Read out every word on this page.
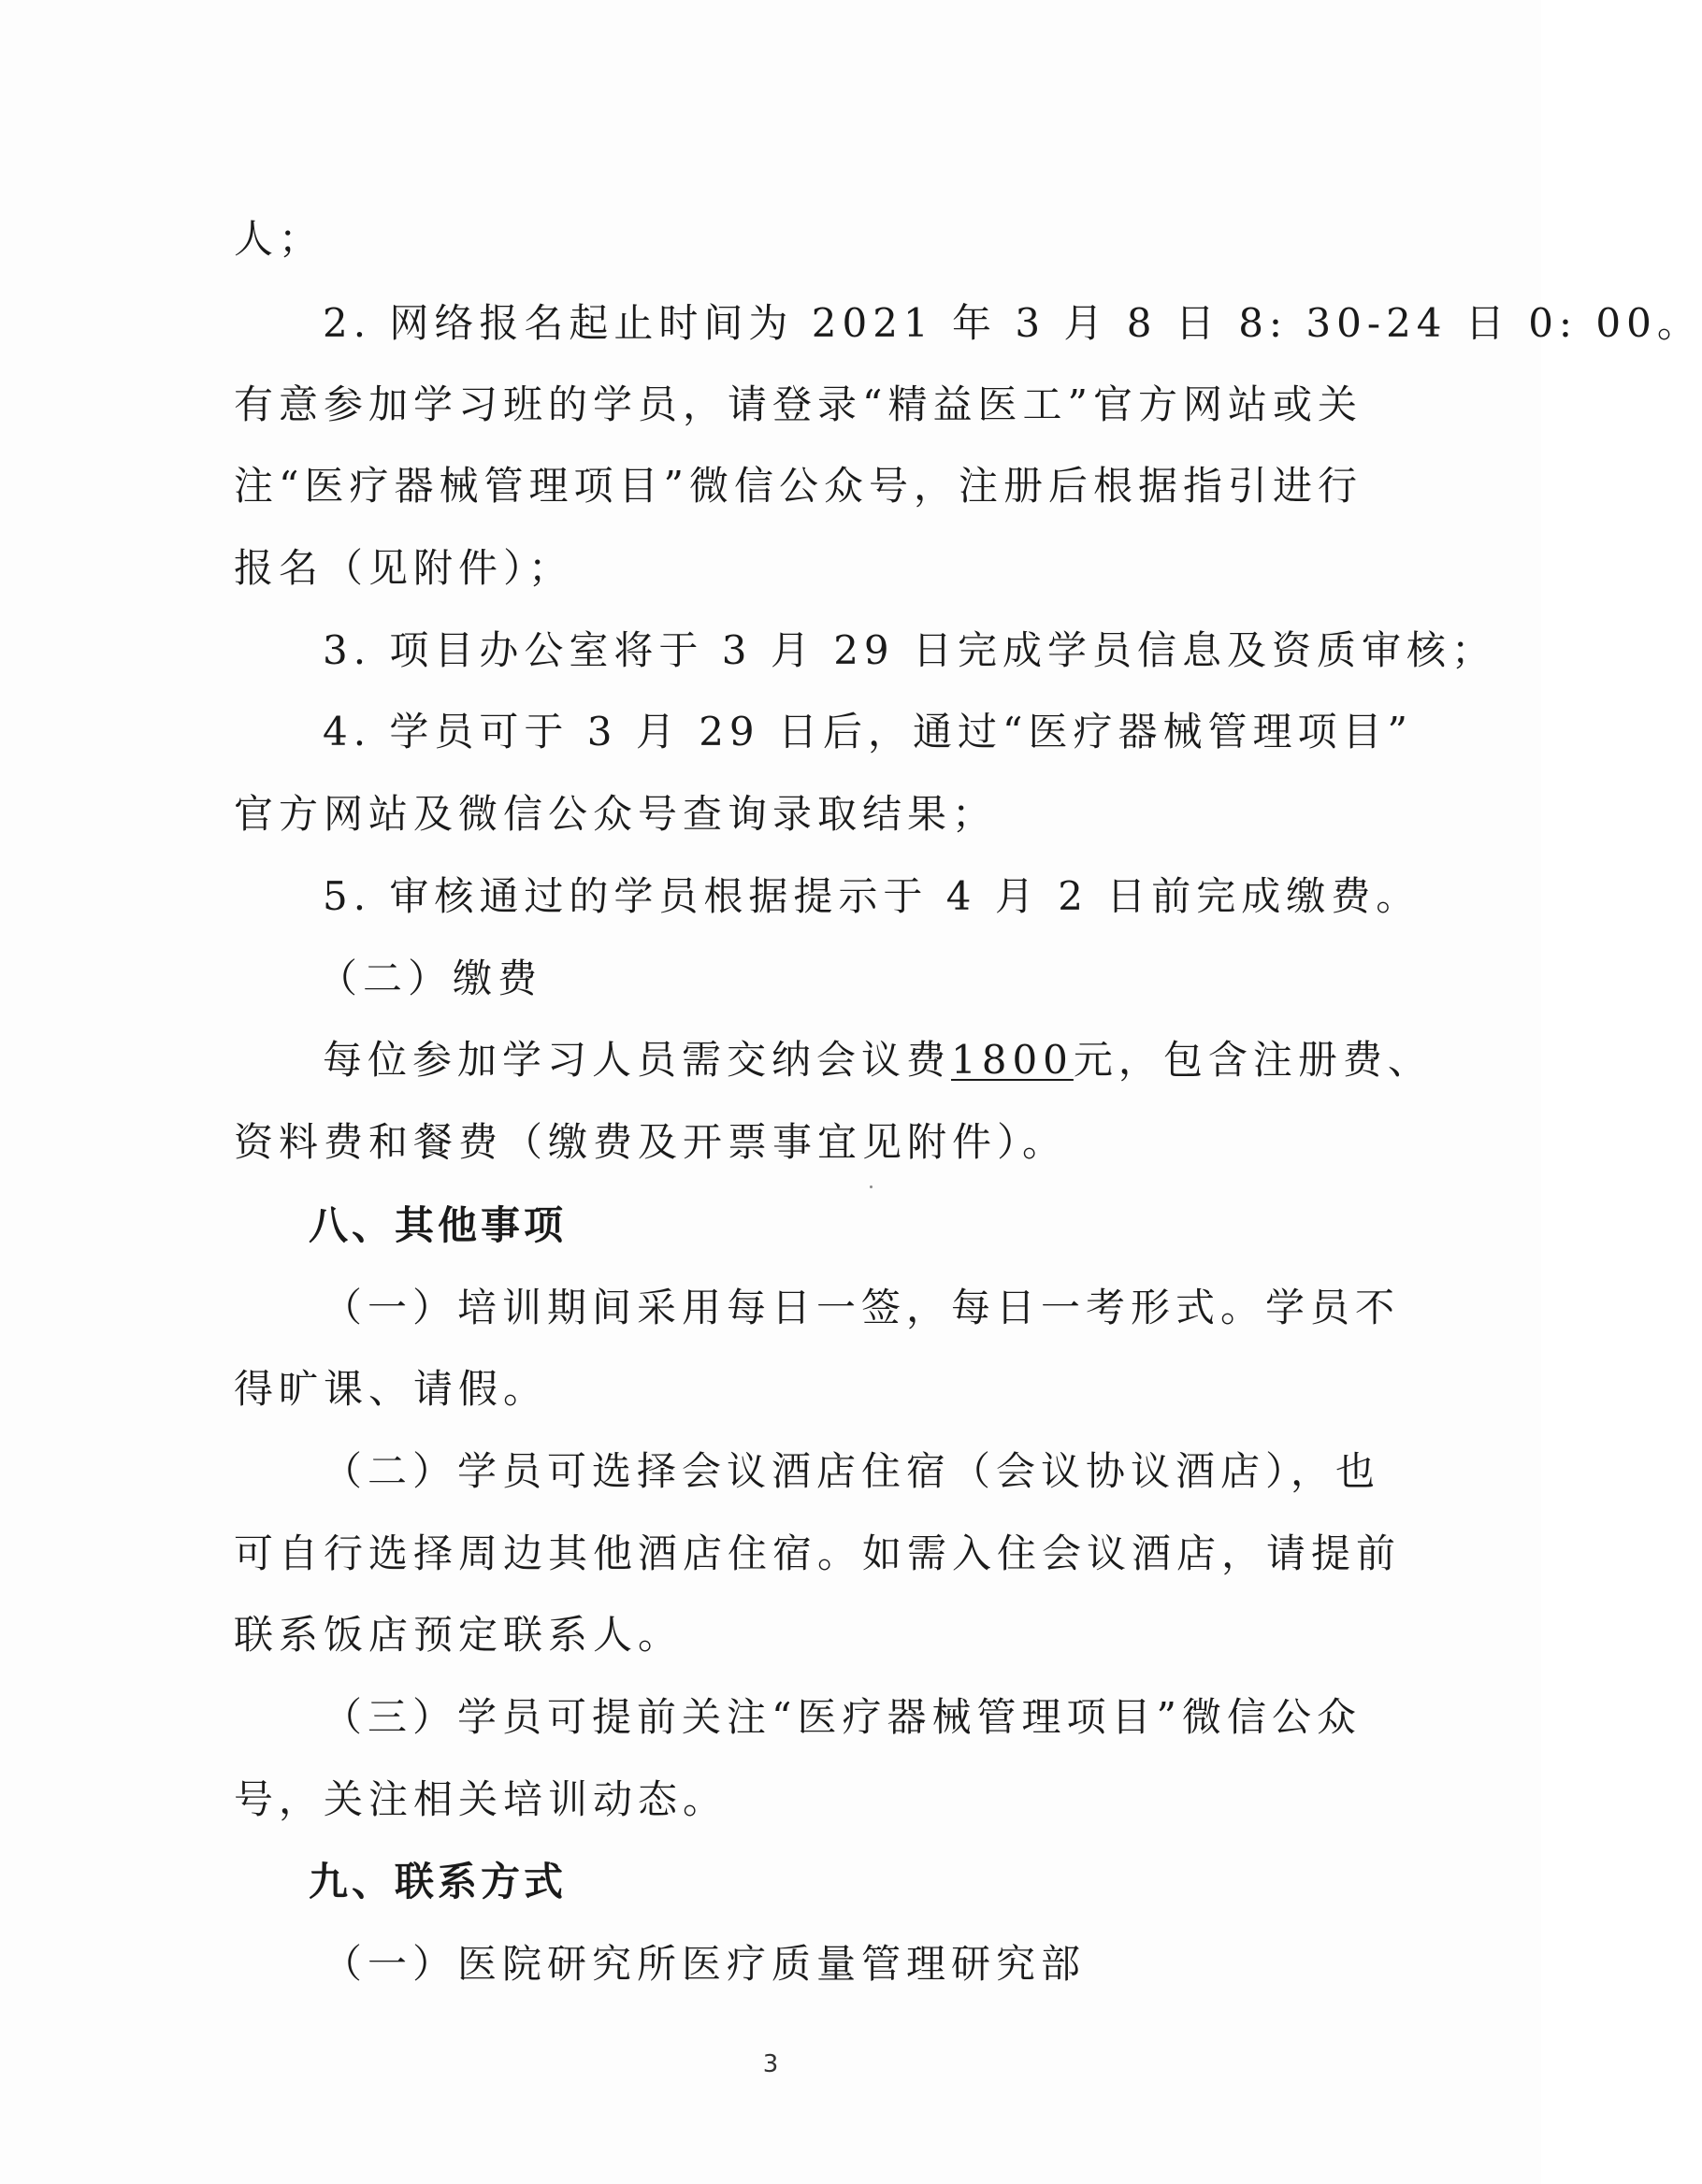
人；
2. 网络报名起止时间为 2021 年 3 月 8 日 8: 30-24 日 0: 00。
有意参加学习班的学员，请登录“精益医工”官方网站或关
注“医疗器械管理项目”微信公众号，注册后根据指引进行
报名（见附件）；
3. 项目办公室将于 3 月 29 日完成学员信息及资质审核；
4. 学员可于 3 月 29 日后，通过“医疗器械管理项目”
官方网站及微信公众号查询录取结果；
5. 审核通过的学员根据提示于 4 月 2 日前完成缴费。
（二）缴费
每位参加学习人员需交纳会议费1800元，包含注册费、
资料费和餐费（缴费及开票事宜见附件）。
八、其他事项
（一）培训期间采用每日一签，每日一考形式。学员不
得旷课、请假。
（二）学员可选择会议酒店住宿（会议协议酒店），也
可自行选择周边其他酒店住宿。如需入住会议酒店，请提前
联系饭店预定联系人。
（三）学员可提前关注“医疗器械管理项目”微信公众
号，关注相关培训动态。
九、联系方式
（一）医院研究所医疗质量管理研究部
3
